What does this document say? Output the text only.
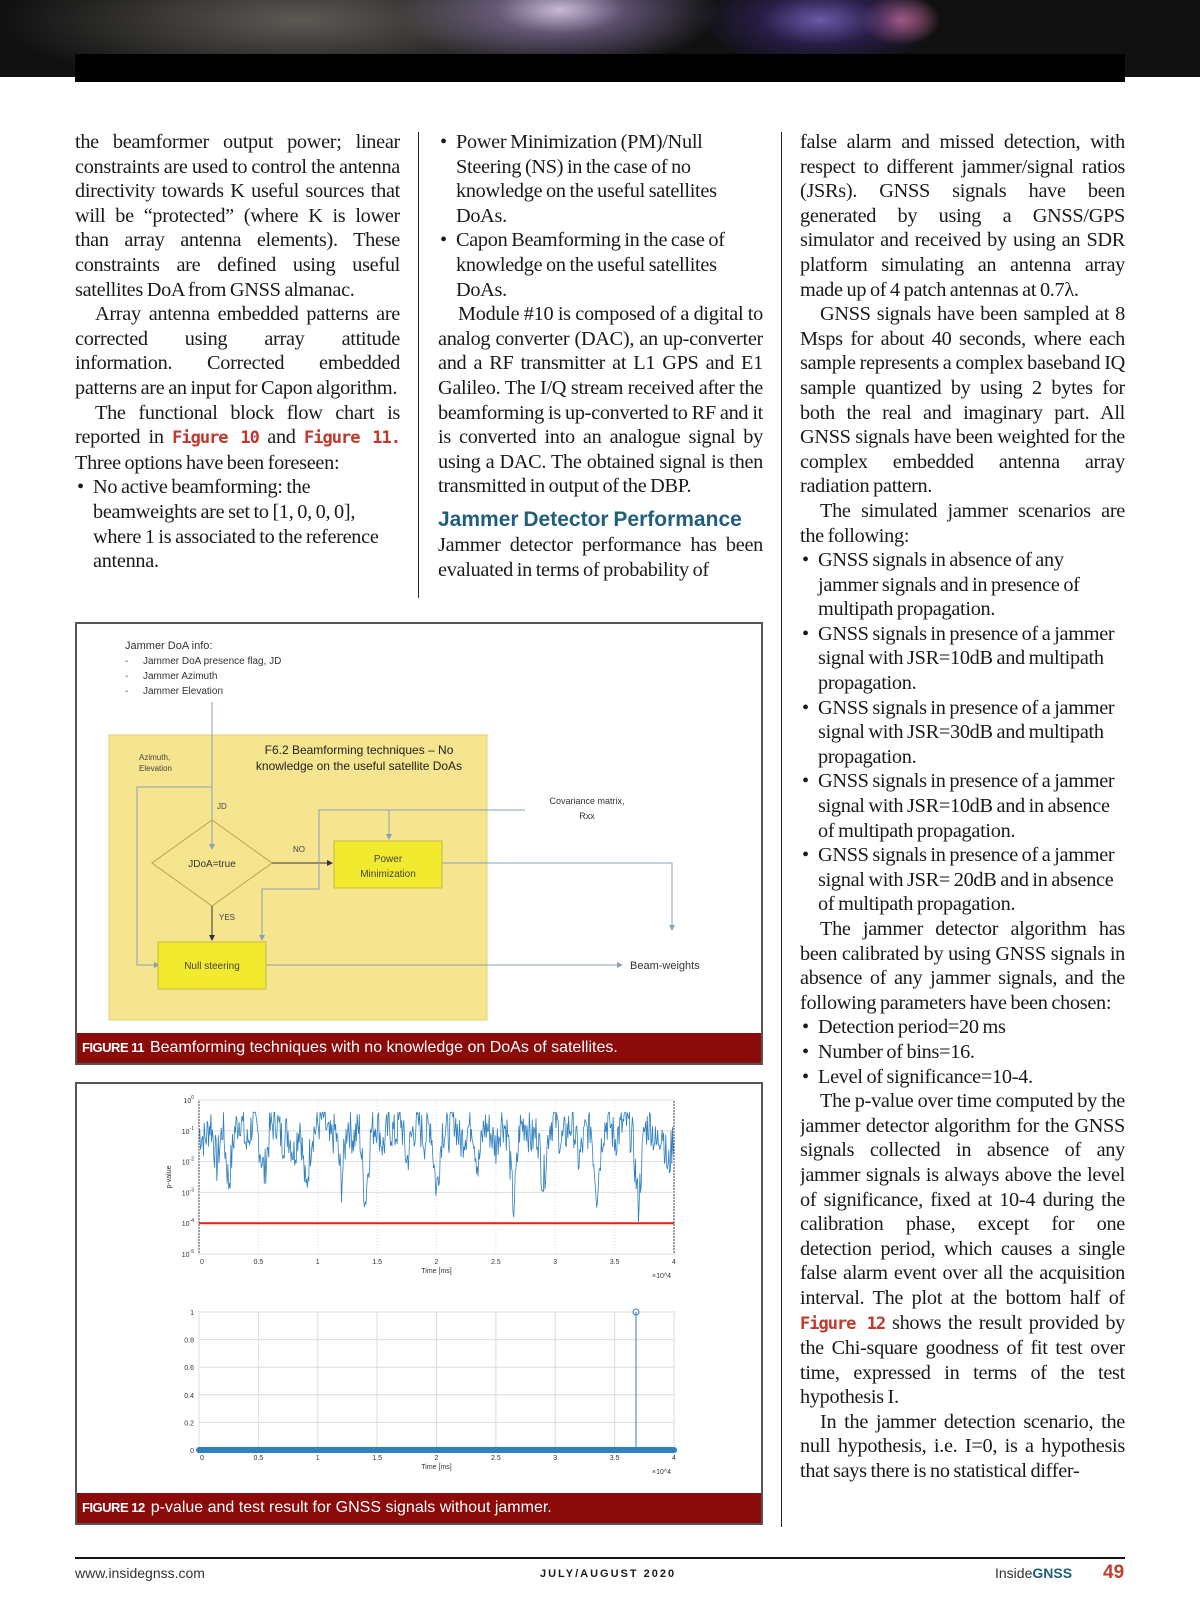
the beamformer output power; linear constraints are used to control the antenna directivity towards K useful sources that will be “protected” (where K is lower than array antenna elements). These constraints are defined using useful satellites DoA from GNSS almanac.

Array antenna embedded patterns are corrected using array attitude information. Corrected embedded patterns are an input for Capon algorithm.

The functional block flow chart is reported in Figure 10 and Figure 11. Three options have been foreseen:

• No active beamforming: the beamweights are set to [1, 0, 0, 0], where 1 is associated to the reference antenna.
• Power Minimization (PM)/Null Steering (NS) in the case of no knowledge on the useful satellites DoAs.
• Capon Beamforming in the case of knowledge on the useful satellites DoAs.

Module #10 is composed of a digital to analog converter (DAC), an up-converter and a RF transmitter at L1 GPS and E1 Galileo. The I/Q stream received after the beamforming is up-converted to RF and it is converted into an analogue signal by using a DAC. The obtained signal is then transmitted in output of the DBP.

Jammer Detector Performance

Jammer detector performance has been evaluated in terms of probability of

false alarm and missed detection, with respect to different jammer/signal ratios (JSRs). GNSS signals have been generated by using a GNSS/GPS simulator and received by using an SDR platform simulating an antenna array made up of 4 patch antennas at 0.7λ.

GNSS signals have been sampled at 8 Msps for about 40 seconds, where each sample represents a complex baseband IQ sample quantized by using 2 bytes for both the real and imaginary part. All GNSS signals have been weighted for the complex embedded antenna array radiation pattern.

The simulated jammer scenarios are the following:

• GNSS signals in absence of any jammer signals and in presence of multipath propagation.
• GNSS signals in presence of a jammer signal with JSR=10dB and multipath propagation.
• GNSS signals in presence of a jammer signal with JSR=30dB and multipath propagation.
• GNSS signals in presence of a jammer signal with JSR=10dB and in absence of multipath propagation.
• GNSS signals in presence of a jammer signal with JSR= 20dB and in absence of multipath propagation.

The jammer detector algorithm has been calibrated by using GNSS signals in absence of any jammer signals, and the following parameters have been chosen:

• Detection period=20 ms
• Number of bins=16.
• Level of significance=10-4.

The p-value over time computed by the jammer detector algorithm for the GNSS signals collected in absence of any jammer signals is always above the level of significance, fixed at 10-4 during the calibration phase, except for one detection period, which causes a single false alarm event over all the acquisition interval. The plot at the bottom half of Figure 12 shows the result provided by the Chi-square goodness of fit test over time, expressed in terms of the test hypothesis I.

In the jammer detection scenario, the null hypothesis, i.e. I=0, is a hypothesis that says there is no statistical differ-

Jammer DoA info:
- Jammer DoA presence flag, JD
- Jammer Azimuth
- Jammer Elevation
F6.2 Beamforming techniques – No
knowledge on the useful satellite DoAs
Azimuth,
Elevation
JD
JDoA=true
NO
YES
Power
Minimization
Null steering
Covariance matrix,
Rxx
Beam-weights
FIGURE 11 Beamforming techniques with no knowledge on DoAs of satellites.
0	0.5	1	1.5	2	2.5	3	3.5	4
$10^0$
$10^{-1}$
$10^{-2}$
$10^{-3}$
$10^{-4}$
$10^{-5}$
Time [ms]
p-value
0	0.5	1	1.5	2	2.5	3	3.5	4
0
0.2
0.4
0.6
0.8
1
Time [ms]
×10^4
×10^4
FIGURE 12 p-value and test result for GNSS signals without jammer.
www.insidegnss.com	JULY/AUGUST 2020	InsideGNSS 49
